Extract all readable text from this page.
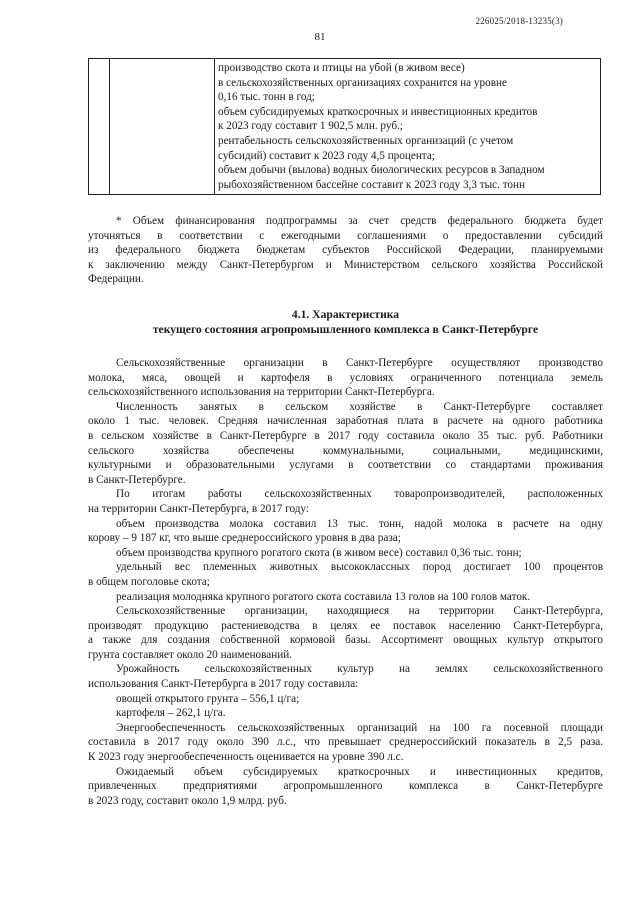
226025/2018-13235(3)
81

производство скота и птицы на убой (в живом весе)
в сельскохозяйственных организациях сохранится на уровне
0,16 тыс. тонн в год;
объем субсидируемых краткосрочных и инвестиционных кредитов
к 2023 году составит 1 902,5 млн. руб.;
рентабельность сельскохозяйственных организаций (с учетом
субсидий) составит к 2023 году 4,5 процента;
объем добычи (вылова) водных биологических ресурсов в Западном
рыбохозяйственном бассейне составит к 2023 году 3,3 тыс. тонн
* Объем финансирования подпрограммы за счет средств федерального бюджета будет
уточняться в соответствии с ежегодными соглашениями о предоставлении субсидий
из федерального бюджета бюджетам субъектов Российской Федерации, планируемыми
к заключению между Санкт-Петербургом и Министерством сельского хозяйства Российской
Федерации.
4.1. Характеристика
текущего состояния агропромышленного комплекса в Санкт-Петербурге
Сельскохозяйственные организации в Санкт-Петербурге осуществляют производство
молока, мяса, овощей и картофеля в условиях ограниченного потенциала земель
сельскохозяйственного использования на территории Санкт-Петербурга.
Численность занятых в сельском хозяйстве в Санкт-Петербурге составляет
около 1 тыс. человек. Средняя начисленная заработная плата в расчете на одного работника
в сельском хозяйстве в Санкт-Петербурге в 2017 году составила около 35 тыс. руб. Работники
сельского хозяйства обеспечены коммунальными, социальными, медицинскими,
культурными и образовательными услугами в соответствии со стандартами проживания
в Санкт-Петербурге.
По итогам работы сельскохозяйственных товаропроизводителей, расположенных
на территории Санкт-Петербурга, в 2017 году:
объем производства молока составил 13 тыс. тонн, надой молока в расчете на одну
корову – 9 187 кг, что выше среднероссийского уровня в два раза;
объем производства крупного рогатого скота (в живом весе) составил 0,36 тыс. тонн;
удельный вес племенных животных высококлассных пород достигает 100 процентов
в общем поголовье скота;
реализация молодняка крупного рогатого скота составила 13 голов на 100 голов маток.
Сельскохозяйственные организации, находящиеся на территории Санкт-Петербурга,
производят продукцию растениеводства в целях ее поставок населению Санкт-Петербурга,
а также для создания собственной кормовой базы. Ассортимент овощных культур открытого
грунта составляет около 20 наименований.
Урожайность сельскохозяйственных культур на землях сельскохозяйственного
использования Санкт-Петербурга в 2017 году составила:
овощей открытого грунта – 556,1 ц/га;
картофеля – 262,1 ц/га.
Энергообеспеченность сельскохозяйственных организаций на 100 га посевной площади
составила в 2017 году около 390 л.с., что превышает среднероссийский показатель в 2,5 раза.
К 2023 году энергообеспеченность оценивается на уровне 390 л.с.
Ожидаемый объем субсидируемых краткосрочных и инвестиционных кредитов,
привлеченных предприятиями агропромышленного комплекса в Санкт-Петербурге
в 2023 году, составит около 1,9 млрд. руб.
